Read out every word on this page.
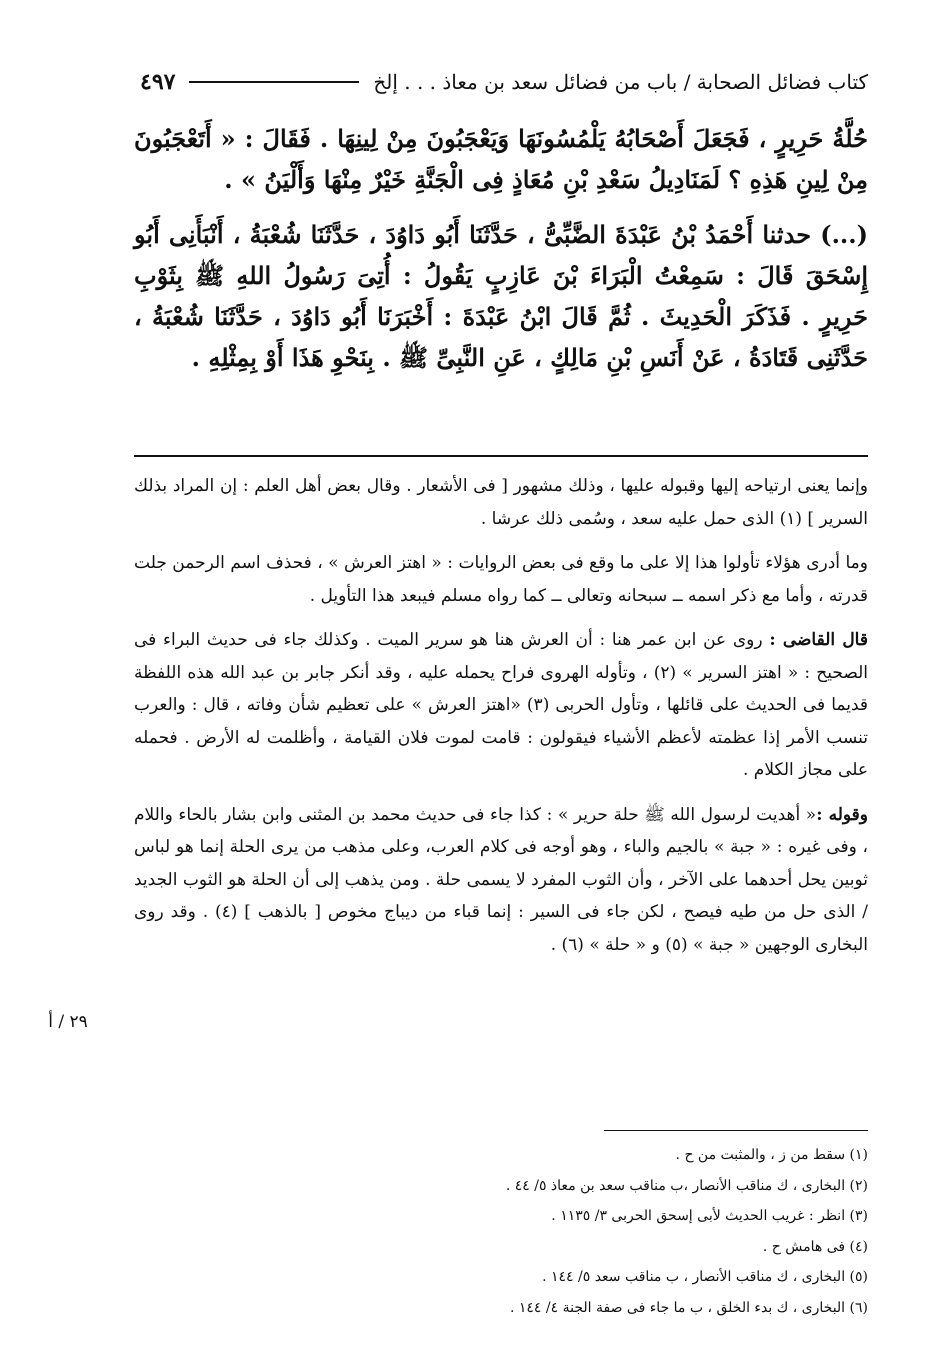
كتاب فضائل الصحابة / باب من فضائل سعد بن معاذ . . . إلخ
٤٩٧

حُلَّةُ حَرِيرٍ ، فَجَعَلَ أَصْحَابُهُ يَلْمُسُونَهَا وَيَعْجَبُونَ مِنْ لِينِهَا . فَقَالَ : « أَتَعْجَبُونَ مِنْ لِينِ هَذِهِ ؟ لَمَنَادِيلُ سَعْدِ بْنِ مُعَاذٍ فِى الْجَنَّةِ خَيْرٌ مِنْهَا وَأَلْيَنُ » .

(...) حدثنا أَحْمَدُ بْنُ عَبْدَةَ الضَّبِّىُّ ، حَدَّثَنَا أَبُو دَاوُدَ ، حَدَّثَنَا شُعْبَةُ ، أَنْبَأَنِى أَبُو إِسْحَقَ قَالَ : سَمِعْتُ الْبَرَاءَ بْنَ عَازِبٍ يَقُولُ : أُتِىَ رَسُولُ اللهِ ﷺ بِثَوْبِ حَرِيرٍ . فَذَكَرَ الْحَدِيثَ . ثُمَّ قَالَ ابْنُ عَبْدَةَ : أَخْبَرَنَا أَبُو دَاوُدَ ، حَدَّثَنَا شُعْبَةُ ، حَدَّثَنِى قَتَادَةُ ، عَنْ أَنَسِ بْنِ مَالِكٍ ، عَنِ النَّبِىِّ ﷺ . بِنَحْوِ هَذَا أَوْ بِمِثْلِهِ .

وإنما يعنى ارتياحه إليها وقبوله عليها ، وذلك مشهور [ فى الأشعار . وقال بعض أهل العلم : إن المراد بذلك السرير ] (١) الذى حمل عليه سعد ، وسُمى ذلك عرشا .

وما أدرى هؤلاء تأولوا هذا إلا على ما وقع فى بعض الروايات : « اهتز العرش » ، فحذف اسم الرحمن جلت قدرته ، وأما مع ذكر اسمه ــ سبحانه وتعالى ــ كما رواه مسلم فيبعد هذا التأويل .

قال القاضى : روى عن ابن عمر هنا : أن العرش هنا هو سرير الميت . وكذلك جاء فى حديث البراء فى الصحيح : « اهتز السرير » (٢) ، وتأوله الهروى فراح يحمله عليه ، وقد أنكر جابر بن عبد الله هذه اللفظة قديما فى الحديث على قائلها ، وتأول الحربى (٣) «اهتز العرش » على تعظيم شأن وفاته ، قال : والعرب تنسب الأمر إذا عظمته لأعظم الأشياء فيقولون : قامت لموت فلان القيامة ، وأظلمت له الأرض . فحمله على مجاز الكلام .

وقوله :« أهديت لرسول الله ﷺ حلة حرير » : كذا جاء فى حديث محمد بن المثنى وابن بشار بالحاء واللام ، وفى غيره : « جبة » بالجيم والباء ، وهو أوجه فى كلام العرب، وعلى مذهب من يرى الحلة إنما هو لباس ثوبين يحل أحدهما على الآخر ، وأن الثوب المفرد لا يسمى حلة . ومن يذهب إلى أن الحلة هو الثوب الجديد / الذى حل من طيه فيصح ، لكن جاء فى السير : إنما قباء من ديباج مخوص [ بالذهب ] (٤) . وقد روى البخارى الوجهين « جبة » (٥) و « حلة » (٦) .

٢٩ / أ
(١) سقط من ز ، والمثبت من ح .
(٢) البخارى ، ك مناقب الأنصار ،ب مناقب سعد بن معاذ ٥/ ٤٤ .
(٣) انظر : غريب الحديث لأبى إسحق الحربى ٣/ ١١٣٥ .
(٤) فى هامش ح .
(٥) البخارى ، ك مناقب الأنصار ، ب مناقب سعد ٥/ ١٤٤ .
(٦) البخارى ، ك بدء الخلق ، ب ما جاء فى صفة الجنة ٤/ ١٤٤ .
